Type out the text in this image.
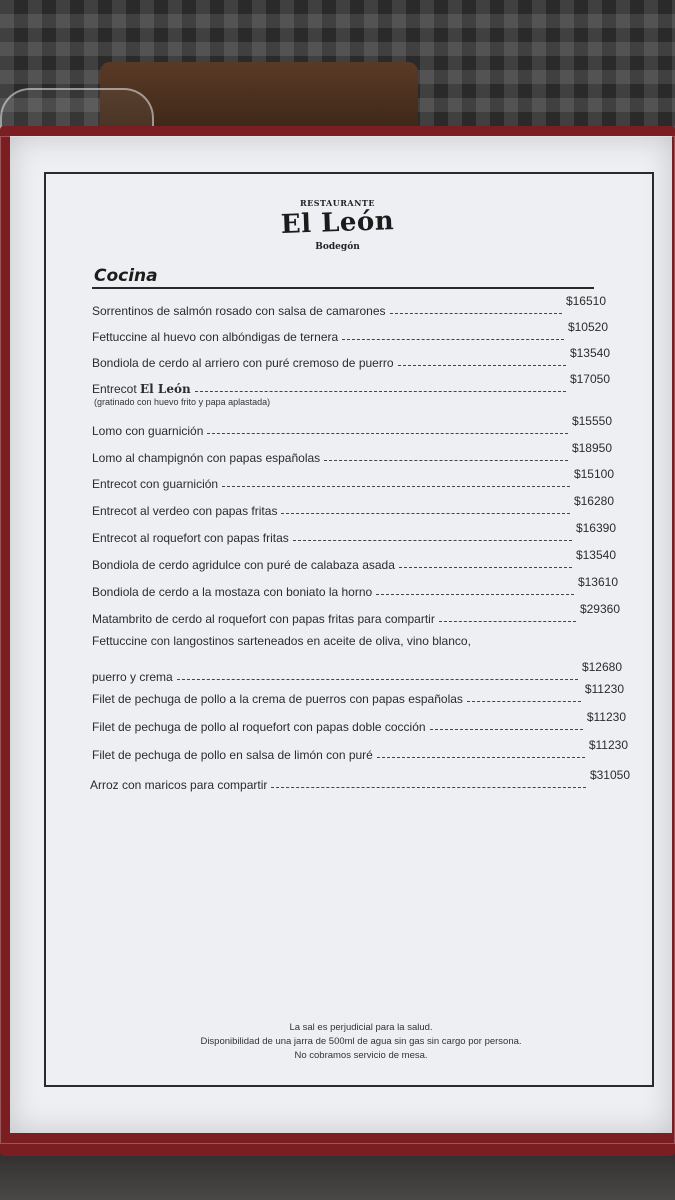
RESTAURANTE
El León
Bodegón
Cocina
Sorrentinos de salmón rosado con salsa de camarones
$16510
Fettuccine al huevo con albóndigas de ternera
$10520
Bondiola de cerdo al arriero con puré cremoso de puerro
$13540
Entrecot El León
$17050
(gratinado con huevo frito y papa aplastada)
Lomo con guarnición
$15550
Lomo al champignón con papas españolas
$18950
Entrecot con guarnición
$15100
Entrecot al verdeo con papas fritas
$16280
Entrecot al roquefort con papas fritas
$16390
Bondiola de cerdo agridulce con puré de calabaza asada
$13540
Bondiola de cerdo a la mostaza con boniato la horno
$13610
Matambrito de cerdo al roquefort con papas fritas para compartir
$29360
Fettuccine con langostinos sarteneados en aceite de oliva, vino blanco,
puerro y crema
$12680
Filet de pechuga de pollo a la crema de puerros con papas españolas
$11230
Filet de pechuga de pollo al roquefort con papas doble cocción
$11230
Filet de pechuga de pollo en salsa de limón con puré
$11230
Arroz con maricos para compartir
$31050
La sal es perjudicial para la salud.
Disponibilidad de una jarra de 500ml de agua sin gas sin cargo por persona.
No cobramos servicio de mesa.
